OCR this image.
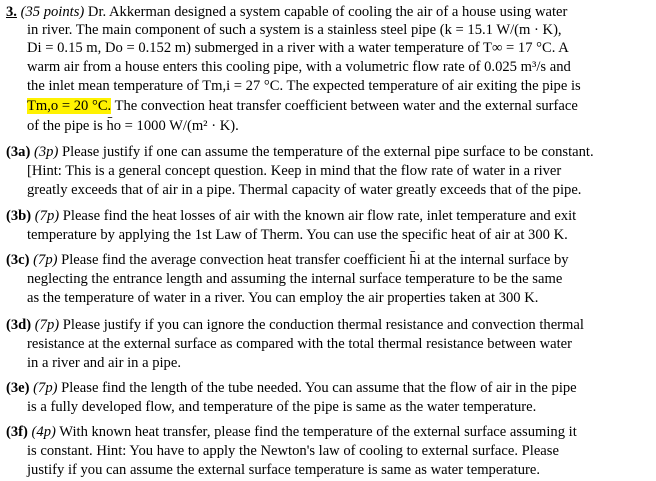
3. (35 points) Dr. Akkerman designed a system capable of cooling the air of a house using water
in river. The main component of such a system is a stainless steel pipe (k = 15.1 W/(m · K),
Di = 0.15 m, Do = 0.152 m) submerged in a river with a water temperature of T∞ = 17 °C. A
warm air from a house enters this cooling pipe, with a volumetric flow rate of 0.025 m³/s and
the inlet mean temperature of Tm,i = 27 °C. The expected temperature of air exiting the pipe is
Tm,o = 20 °C. The convection heat transfer coefficient between water and the external surface
of the pipe is h̄o = 1000 W/(m² · K).
(3a) (3p) Please justify if one can assume the temperature of the external pipe surface to be constant.
[Hint: This is a general concept question. Keep in mind that the flow rate of water in a river
greatly exceeds that of air in a pipe. Thermal capacity of water greatly exceeds that of the pipe.
(3b) (7p) Please find the heat losses of air with the known air flow rate, inlet temperature and exit
temperature by applying the 1st Law of Therm. You can use the specific heat of air at 300 K.
(3c) (7p) Please find the average convection heat transfer coefficient h̄i at the internal surface by
neglecting the entrance length and assuming the internal surface temperature to be the same
as the temperature of water in a river. You can employ the air properties taken at 300 K.
(3d) (7p) Please justify if you can ignore the conduction thermal resistance and convection thermal
resistance at the external surface as compared with the total thermal resistance between water
in a river and air in a pipe.
(3e) (7p) Please find the length of the tube needed. You can assume that the flow of air in the pipe
is a fully developed flow, and temperature of the pipe is same as the water temperature.
(3f) (4p) With known heat transfer, please find the temperature of the external surface assuming it
is constant. Hint: You have to apply the Newton's law of cooling to external surface. Please
justify if you can assume the external surface temperature is same as water temperature.
